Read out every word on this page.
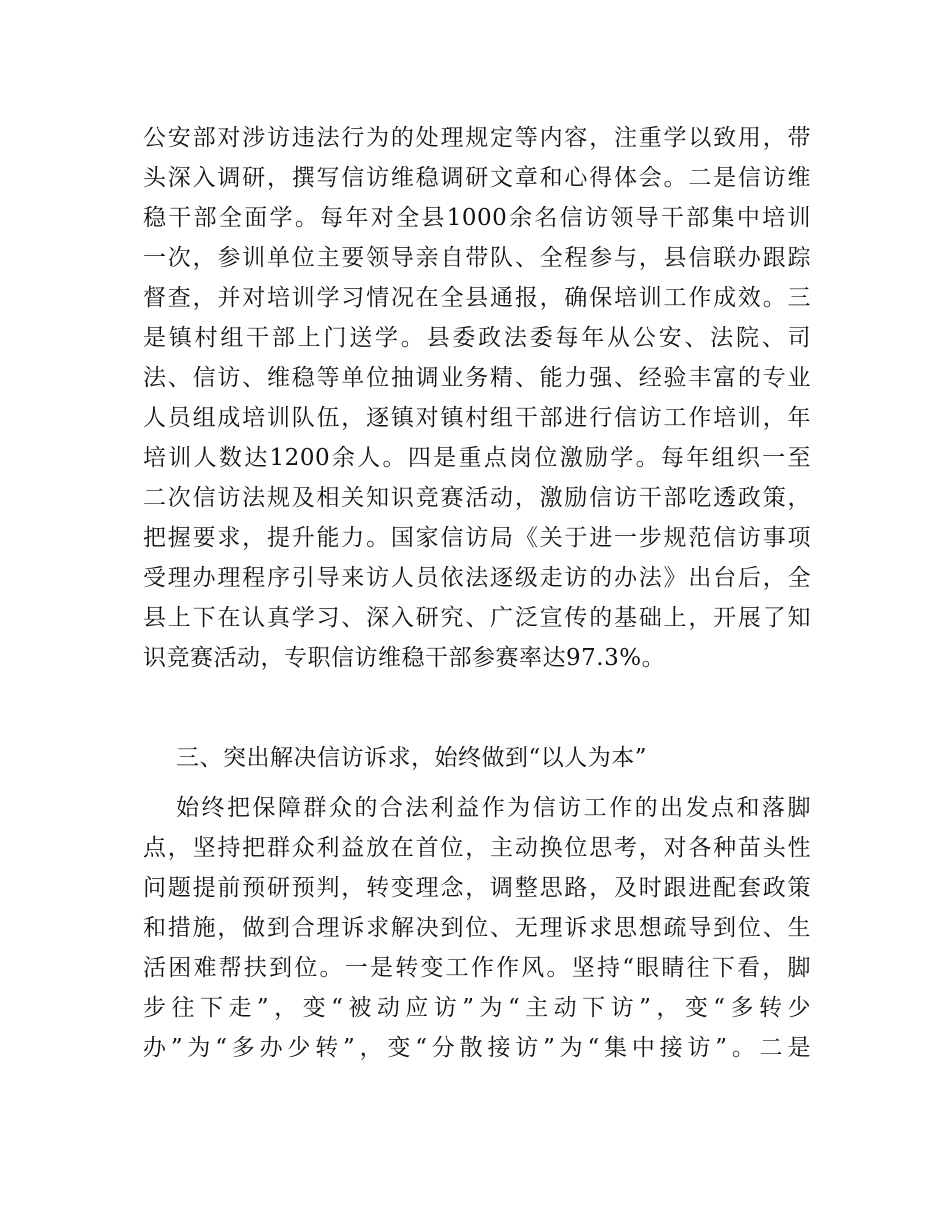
公安部对涉访违法行为的处理规定等内容，注重学以致用，带
头深入调研，撰写信访维稳调研文章和心得体会。二是信访维
稳干部全面学。每年对全县1000余名信访领导干部集中培训
一次，参训单位主要领导亲自带队、全程参与，县信联办跟踪
督查，并对培训学习情况在全县通报，确保培训工作成效。三
是镇村组干部上门送学。县委政法委每年从公安、法院、司
法、信访、维稳等单位抽调业务精、能力强、经验丰富的专业
人员组成培训队伍，逐镇对镇村组干部进行信访工作培训，年
培训人数达1200余人。四是重点岗位激励学。每年组织一至
二次信访法规及相关知识竞赛活动，激励信访干部吃透政策，
把握要求，提升能力。国家信访局《关于进一步规范信访事项
受理办理程序引导来访人员依法逐级走访的办法》出台后，全
县上下在认真学习、深入研究、广泛宣传的基础上，开展了知
识竞赛活动，专职信访维稳干部参赛率达97.3%。
三、突出解决信访诉求，始终做到“以人为本”
始终把保障群众的合法利益作为信访工作的出发点和落脚
点，坚持把群众利益放在首位，主动换位思考，对各种苗头性
问题提前预研预判，转变理念，调整思路，及时跟进配套政策
和措施，做到合理诉求解决到位、无理诉求思想疏导到位、生
活困难帮扶到位。一是转变工作作风。坚持“眼睛往下看，脚
步往下走”，变“被动应访”为“主动下访”，变“多转少
办”为“多办少转”，变“分散接访”为“集中接访”。二是
